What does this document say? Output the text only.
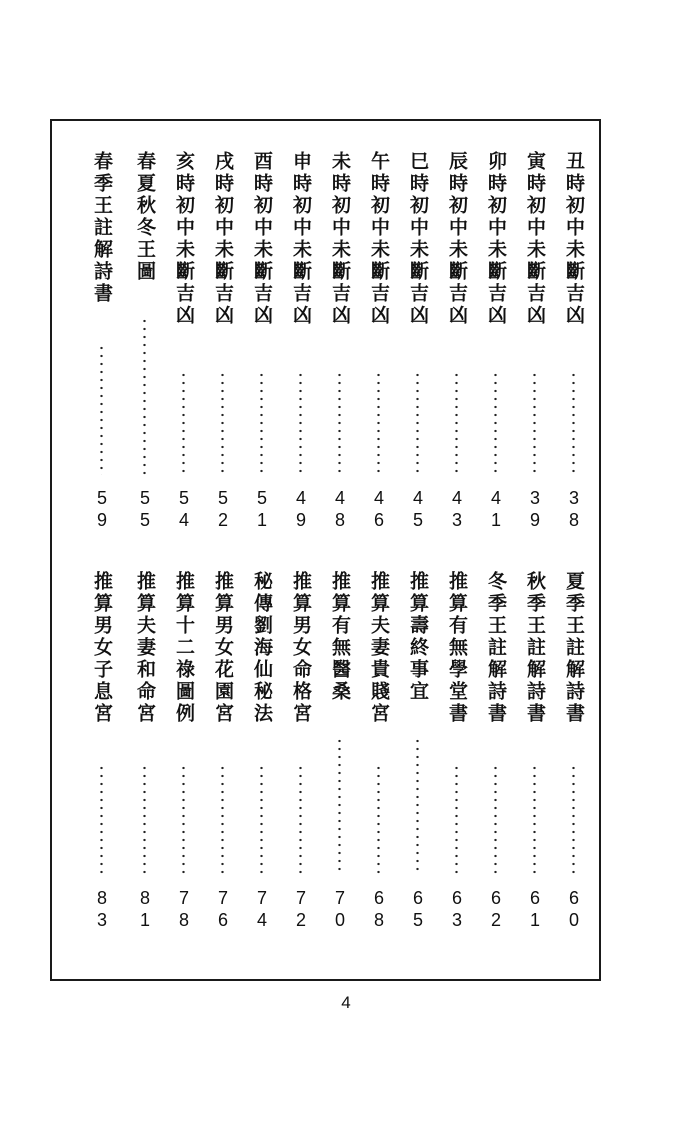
丑時初中未斷吉凶
3
8
寅時初中未斷吉凶
3
9
卯時初中未斷吉凶
4
1
辰時初中未斷吉凶
4
3
巳時初中未斷吉凶
4
5
午時初中未斷吉凶
4
6
未時初中未斷吉凶
4
8
申時初中未斷吉凶
4
9
酉時初中未斷吉凶
5
1
戌時初中未斷吉凶
5
2
亥時初中未斷吉凶
5
4
春夏秋冬王圖
5
5
春季王註解詩書
5
9
夏季王註解詩書
6
0
秋季王註解詩書
6
1
冬季王註解詩書
6
2
推算有無學堂書
6
3
推算壽終事宜
6
5
推算夫妻貴賤宮
6
8
推算有無醫桑
7
0
推算男女命格宮
7
2
秘傳劉海仙秘法
7
4
推算男女花園宮
7
6
推算十二祿圖例
7
8
推算夫妻和命宮
8
1
推算男女子息宮
8
3
4
